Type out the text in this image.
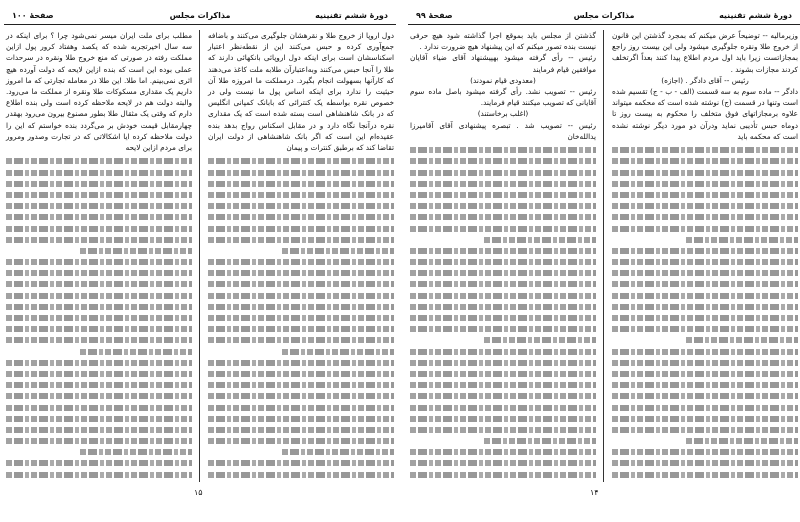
دورهٔ ششم تقنینیه
مذاکرات مجلس
صفحهٔ ۱۰۰

دول اروپا از خروج طلا و نقرهشان جلوگیری می‌کنند و باضافه جمع‌آوری کرده و حبس می‌کنند این از نقطه‌نظر اعتبار اسکناسشان است برای اینکه دول اروپائی بانکهائی دارند که طلا را آنجا حبس می‌کنند وبه‌اعتبارآن طلابه ملت کاغذ می‌دهند که کارآنها بسهولت انجام بگیرد. درمملکت ما امروزه طلا آن حیثیت را ندارد برای اینکه اساس پول ما نیست ولی در خصوص نقره بواسطه یک کنترائی که بابانک کمپانی انگلیس که در بانک شاهنشاهی است بسته شده است که یک مقداری نقره درآنجا نگاه دارد و در مقابل اسکناس رواج بدهد بنده عقیده‌ام این است که اگر بانک شاهنشاهی از دولت ایران تقاضا کند که برطبق کنترات و پیمان

مطلب برای ملت ایران میسر نمی‌شود چرا ؟ برای اینکه در سه سال اخیرتجربه شده که یکصد وهفتاد کرور پول ازاین مملکت رفته در صورتی که منع خروج طلا ونقره در سرحدات عملی بوده این است که بنده ازاین لایحه که دولت آورده هیچ اثری نمی‌بینم. اما طلا. این طلا در معامله تجارتی که ما امروز داریم یک مقداری مسکوکات طلا ونقره از مملکت ما می‌رود. والبته دولت هم در لایحه ملاحظه کرده است ولی بنده اطلاع دارم که وقتی یک مثقال طلا بطور مصنوع بیرون می‌رود بهقدر چهارمقابل قیمت خودش بر می‌گردد بنده خواستم که این را دولت ملاحظه کرده ایا اشکالاتی که در تجارت وصدور ومرور برای مردم ازاین لایحه

۱۵
دورهٔ ششم تقنینیه
مذاکرات مجلس
صفحهٔ ۹۹

وزیرمالیه -- توضیحاً عرض میکنم که بمجرد گذشتن این قانون از خروج طلا ونقره جلوگیری میشود ولی این بیست روز راجع بمجازاتست زیرا باید اول مردم اطلاع پیدا کنند بعداً اگرتخلف کردند مجازات بشوند .

رئیس -- آقای دادگر . (اجازه)

دادگر -- ماده سوم به سه قسمت (الف - ب - ج) تقسیم شده است وتنها در قسمت (ج) نوشته شده است که محکمه میتواند علاوه برمجازاتهای فوق متخلف را محکوم به بیست روز تا دوماه حبس تأدیبی نماید ودرآن دو مورد دیگر نوشته نشده است که محکمه باید

گذشتن از مجلس باید بموقع اجرا گذاشته شود هیچ حرفی نیست بنده تصور میکنم که این پیشنهاد هیچ ضرورت ندارد .

رئیس -- رأی گرفته میشود بهپیشنهاد آقای ضیاء آقایان موافقین قیام فرمایند

(معدودی قیام نمودند)

رئیس -- تصویب نشد. رأی گرفته میشود باصل ماده سوم آقایانی که تصویب میکنند قیام فرمایند.

(اغلب برخاستند)

رئیس -- تصویب شد . تبصره پیشنهادی آقای آقامیرزا یدالله‌خان

۱۴
